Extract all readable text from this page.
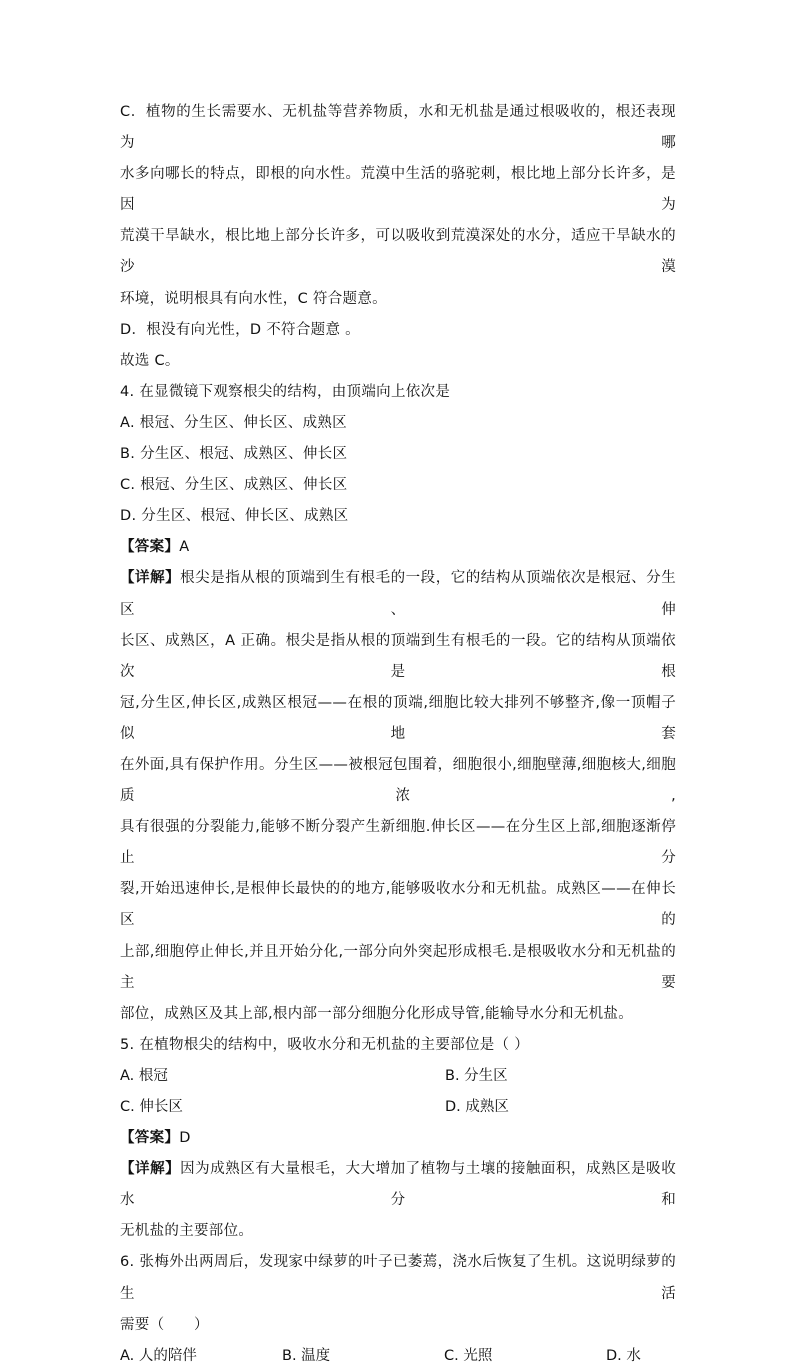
C．植物的生长需要水、无机盐等营养物质，水和无机盐是通过根吸收的，根还表现为哪
水多向哪长的特点，即根的向水性。荒漠中生活的骆驼刺，根比地上部分长许多，是因为
荒漠干旱缺水，根比地上部分长许多，可以吸收到荒漠深处的水分，适应干旱缺水的沙漠
环境，说明根具有向水性，C 符合题意。
D．根没有向光性，D 不符合题意 。
故选 C。
4. 在显微镜下观察根尖的结构，由顶端向上依次是
A. 根冠、分生区、伸长区、成熟区
B. 分生区、根冠、成熟区、伸长区
C. 根冠、分生区、成熟区、伸长区
D. 分生区、根冠、伸长区、成熟区
【答案】A
【详解】根尖是指从根的顶端到生有根毛的一段，它的结构从顶端依次是根冠、分生区、伸
长区、成熟区，A 正确。根尖是指从根的顶端到生有根毛的一段。它的结构从顶端依次是根
冠,分生区,伸长区,成熟区根冠——在根的顶端,细胞比较大排列不够整齐,像一顶帽子似地套
在外面,具有保护作用。分生区——被根冠包围着，细胞很小,细胞壁薄,细胞核大,细胞质浓,
具有很强的分裂能力,能够不断分裂产生新细胞.伸长区——在分生区上部,细胞逐渐停止分
裂,开始迅速伸长,是根伸长最快的的地方,能够吸收水分和无机盐。成熟区——在伸长区的
上部,细胞停止伸长,并且开始分化,一部分向外突起形成根毛.是根吸收水分和无机盐的主要
部位，成熟区及其上部,根内部一部分细胞分化形成导管,能输导水分和无机盐。
5. 在植物根尖的结构中，吸收水分和无机盐的主要部位是（ ）
A. 根冠	B. 分生区
C. 伸长区	D. 成熟区
【答案】D
【详解】因为成熟区有大量根毛，大大增加了植物与土壤的接触面积，成熟区是吸收水分和
无机盐的主要部位。
6. 张梅外出两周后，发现家中绿萝的叶子已萎蔫，浇水后恢复了生机。这说明绿萝的生活
需要（　　）
A. 人的陪伴	B. 温度	C. 光照	D. 水
